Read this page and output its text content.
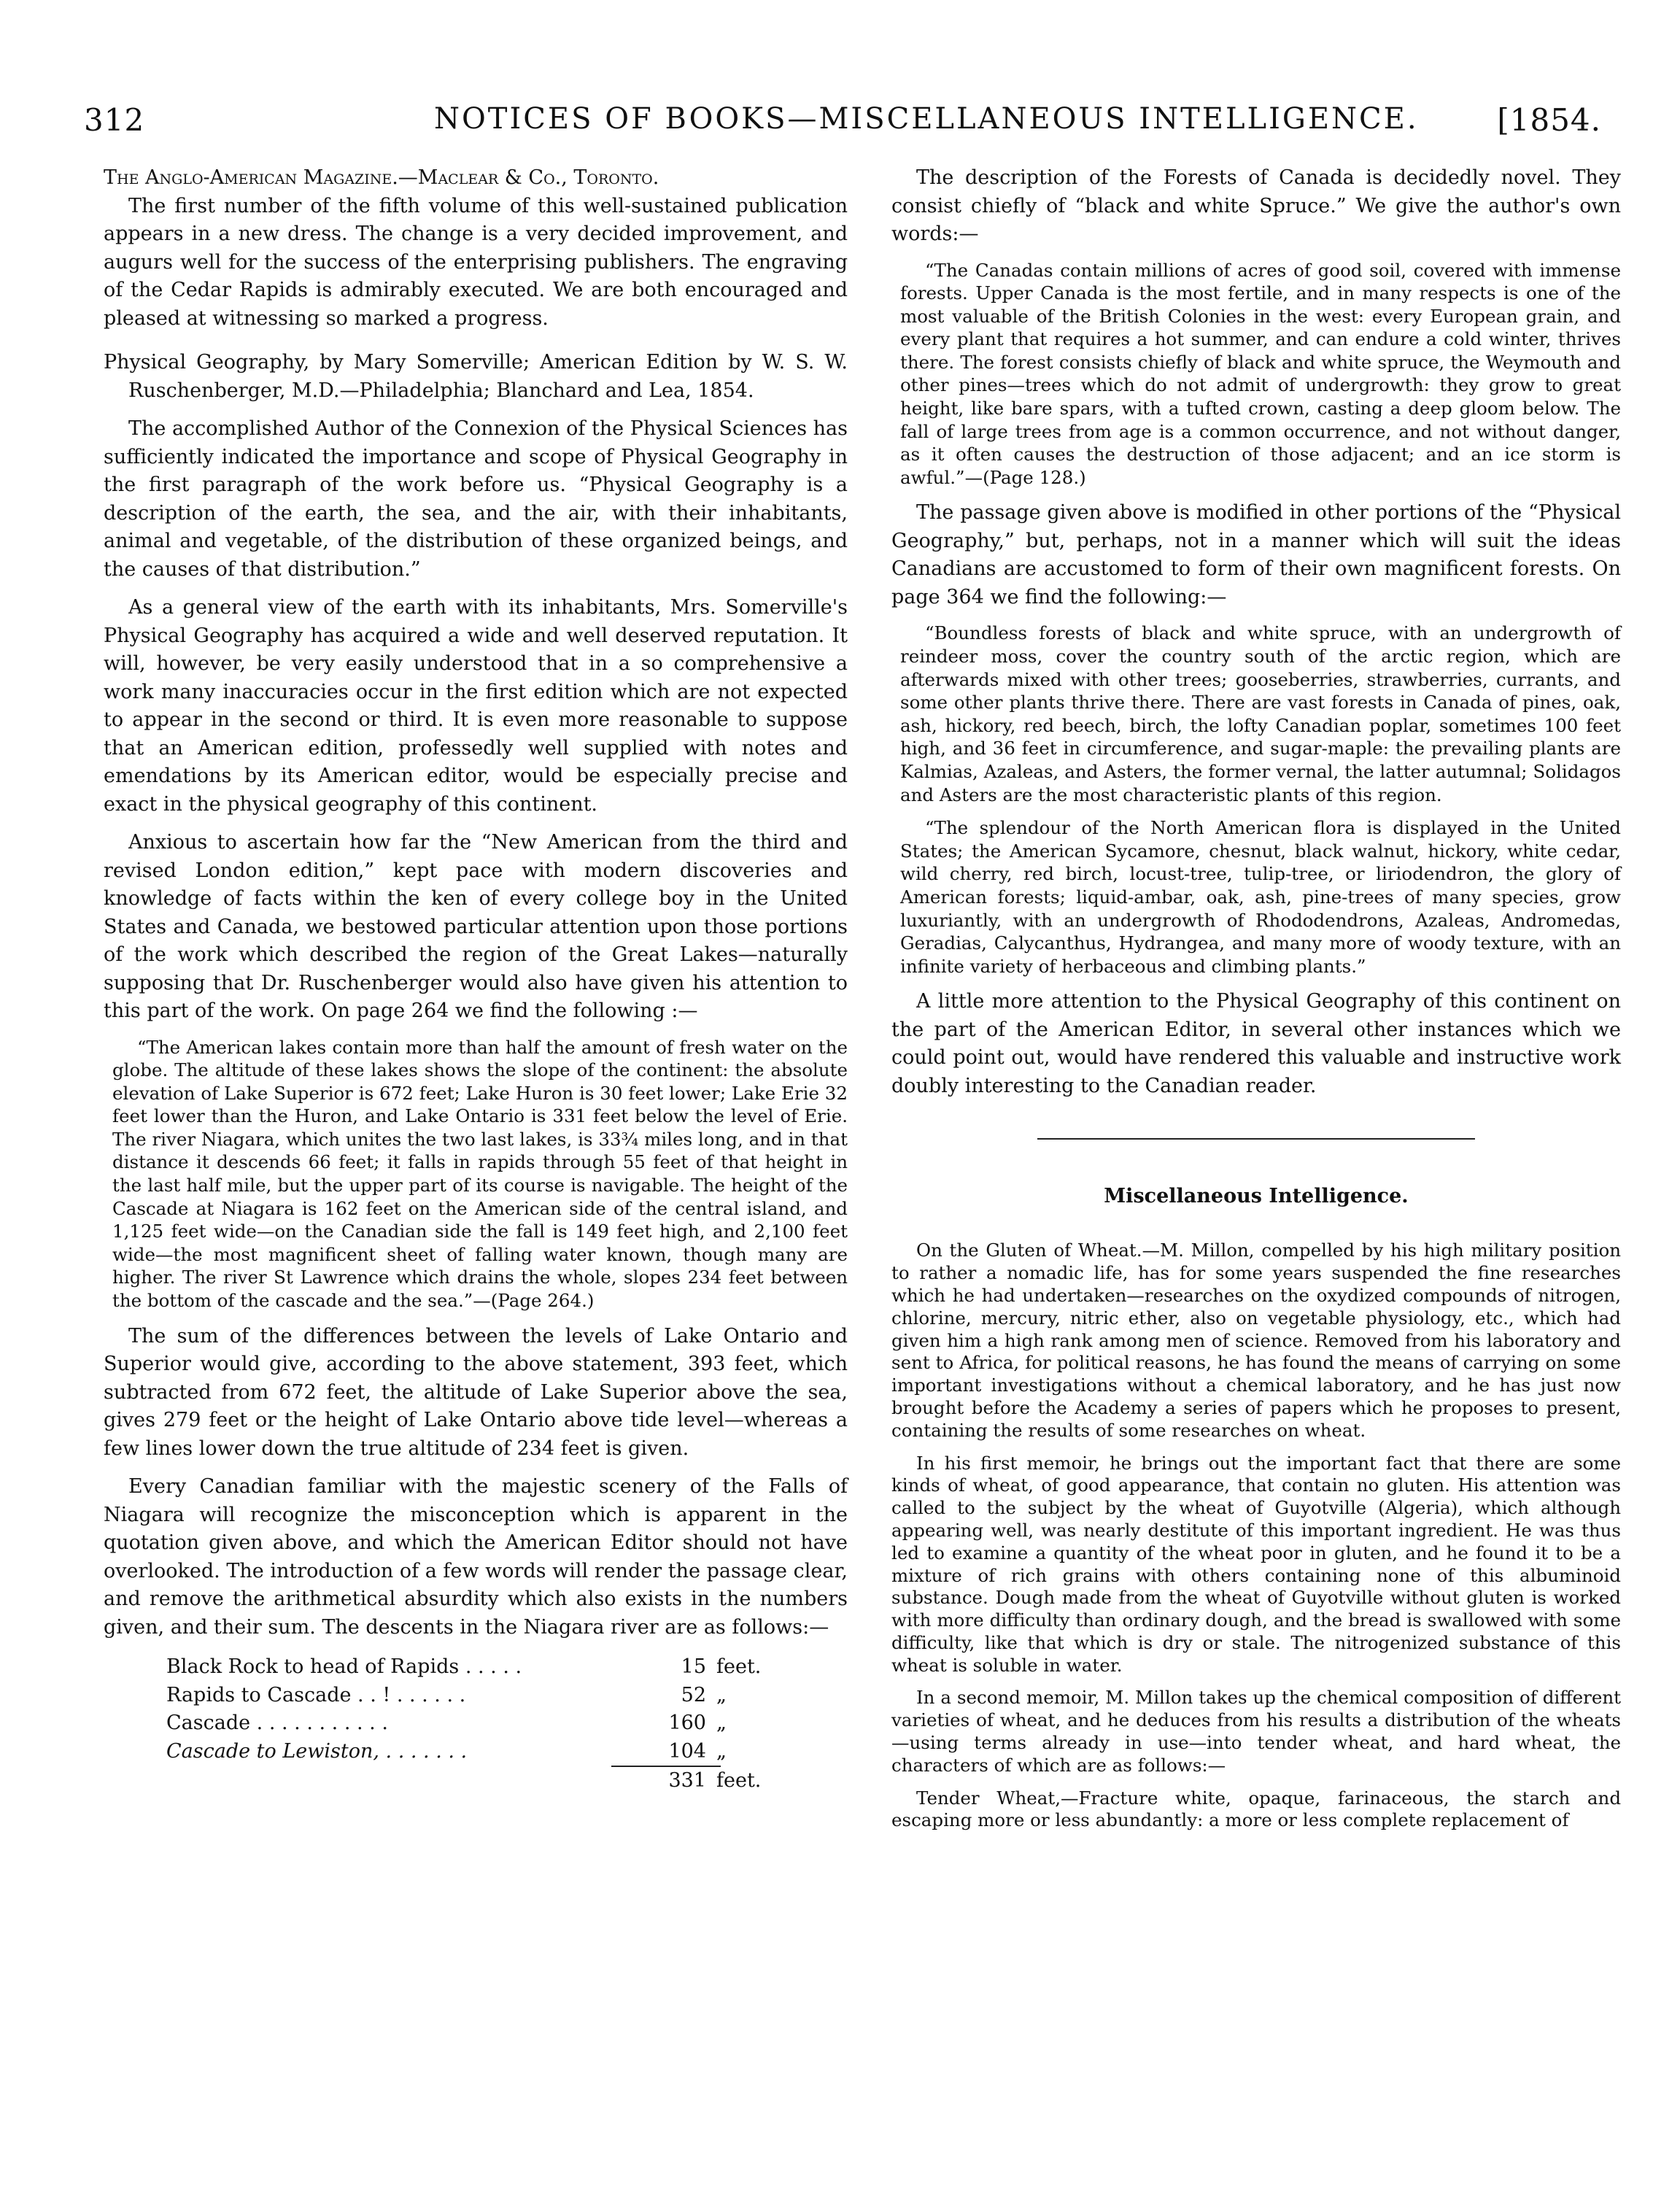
312	NOTICES OF BOOKS—MISCELLANEOUS INTELLIGENCE.	[1854.

The Anglo-American Magazine.—Maclear & Co., Toronto.

The first number of the fifth volume of this well-sustained publication appears in a new dress. The change is a very decided improvement, and augurs well for the success of the enterprising publishers. The engraving of the Cedar Rapids is admirably executed. We are both encouraged and pleased at witnessing so marked a progress.

Physical Geography, by Mary Somerville; American Edition by W. S. W. Ruschenberger, M.D.—Philadelphia; Blanchard and Lea, 1854.

The accomplished Author of the Connexion of the Physical Sciences has sufficiently indicated the importance and scope of Physical Geography in the first paragraph of the work before us. “Physical Geography is a description of the earth, the sea, and the air, with their inhabitants, animal and vegetable, of the distribution of these organized beings, and the causes of that distribution.”

As a general view of the earth with its inhabitants, Mrs. Somerville's Physical Geography has acquired a wide and well deserved reputation. It will, however, be very easily understood that in a so comprehensive a work many inaccuracies occur in the first edition which are not expected to appear in the second or third. It is even more reasonable to suppose that an American edition, professedly well supplied with notes and emendations by its American editor, would be especially precise and exact in the physical geography of this continent.

Anxious to ascertain how far the “New American from the third and revised London edition,” kept pace with modern discoveries and knowledge of facts within the ken of every college boy in the United States and Canada, we bestowed particular attention upon those portions of the work which described the region of the Great Lakes—naturally supposing that Dr. Ruschenberger would also have given his attention to this part of the work. On page 264 we find the following :—

“The American lakes contain more than half the amount of fresh water on the globe. The altitude of these lakes shows the slope of the continent: the absolute elevation of Lake Superior is 672 feet; Lake Huron is 30 feet lower; Lake Erie 32 feet lower than the Huron, and Lake Ontario is 331 feet below the level of Erie. The river Niagara, which unites the two last lakes, is 33¾ miles long, and in that distance it descends 66 feet; it falls in rapids through 55 feet of that height in the last half mile, but the upper part of its course is navigable. The height of the Cascade at Niagara is 162 feet on the American side of the central island, and 1,125 feet wide—on the Canadian side the fall is 149 feet high, and 2,100 feet wide—the most magnificent sheet of falling water known, though many are higher. The river St Lawrence which drains the whole, slopes 234 feet between the bottom of the cascade and the sea.”—(Page 264.)

The sum of the differences between the levels of Lake Ontario and Superior would give, according to the above statement, 393 feet, which subtracted from 672 feet, the altitude of Lake Superior above the sea, gives 279 feet or the height of Lake Ontario above tide level—whereas a few lines lower down the true altitude of 234 feet is given.

Every Canadian familiar with the majestic scenery of the Falls of Niagara will recognize the misconception which is apparent in the quotation given above, and which the American Editor should not have overlooked. The introduction of a few words will render the passage clear, and remove the arithmetical absurdity which also exists in the numbers given, and their sum. The descents in the Niagara river are as follows:—

Black Rock to head of Rapids . . . . .	15 feet.
Rapids to Cascade . . ! . . . . . .	52 „
Cascade . . . . . . . . . . .	160 „
Cascade to Lewiston, . . . . . . .	104 „
331 feet.

The description of the Forests of Canada is decidedly novel. They consist chiefly of “black and white Spruce.” We give the author's own words:—

“The Canadas contain millions of acres of good soil, covered with immense forests. Upper Canada is the most fertile, and in many respects is one of the most valuable of the British Colonies in the west: every European grain, and every plant that requires a hot summer, and can endure a cold winter, thrives there. The forest consists chiefly of black and white spruce, the Weymouth and other pines—trees which do not admit of undergrowth: they grow to great height, like bare spars, with a tufted crown, casting a deep gloom below. The fall of large trees from age is a common occurrence, and not without danger, as it often causes the destruction of those adjacent; and an ice storm is awful.”—(Page 128.)

The passage given above is modified in other portions of the “Physical Geography,” but, perhaps, not in a manner which will suit the ideas Canadians are accustomed to form of their own magnificent forests. On page 364 we find the following:—

“Boundless forests of black and white spruce, with an undergrowth of reindeer moss, cover the country south of the arctic region, which are afterwards mixed with other trees; gooseberries, strawberries, currants, and some other plants thrive there. There are vast forests in Canada of pines, oak, ash, hickory, red beech, birch, the lofty Canadian poplar, sometimes 100 feet high, and 36 feet in circumference, and sugar-maple: the prevailing plants are Kalmias, Azaleas, and Asters, the former vernal, the latter autumnal; Solidagos and Asters are the most characteristic plants of this region.

“The splendour of the North American flora is displayed in the United States; the American Sycamore, chesnut, black walnut, hickory, white cedar, wild cherry, red birch, locust-tree, tulip-tree, or liriodendron, the glory of American forests; liquid-ambar, oak, ash, pine-trees of many species, grow luxuriantly, with an undergrowth of Rhododendrons, Azaleas, Andromedas, Geradias, Calycanthus, Hydrangea, and many more of woody texture, with an infinite variety of herbaceous and climbing plants.”

A little more attention to the Physical Geography of this continent on the part of the American Editor, in several other instances which we could point out, would have rendered this valuable and instructive work doubly interesting to the Canadian reader.

Miscellaneous Intelligence.

On the Gluten of Wheat.—M. Millon, compelled by his high military position to rather a nomadic life, has for some years suspended the fine researches which he had undertaken—researches on the oxydized compounds of nitrogen, chlorine, mercury, nitric ether, also on vegetable physiology, etc., which had given him a high rank among men of science. Removed from his laboratory and sent to Africa, for political reasons, he has found the means of carrying on some important investigations without a chemical laboratory, and he has just now brought before the Academy a series of papers which he proposes to present, containing the results of some researches on wheat.

In his first memoir, he brings out the important fact that there are some kinds of wheat, of good appearance, that contain no gluten. His attention was called to the subject by the wheat of Guyotville (Algeria), which although appearing well, was nearly destitute of this important ingredient. He was thus led to examine a quantity of the wheat poor in gluten, and he found it to be a mixture of rich grains with others containing none of this albuminoid substance. Dough made from the wheat of Guyotville without gluten is worked with more difficulty than ordinary dough, and the bread is swallowed with some difficulty, like that which is dry or stale. The nitrogenized substance of this wheat is soluble in water.

In a second memoir, M. Millon takes up the chemical composition of different varieties of wheat, and he deduces from his results a distribution of the wheats—using terms already in use—into tender wheat, and hard wheat, the characters of which are as follows:—

Tender Wheat,—Fracture white, opaque, farinaceous, the starch and escaping more or less abundantly: a more or less complete replacement of
